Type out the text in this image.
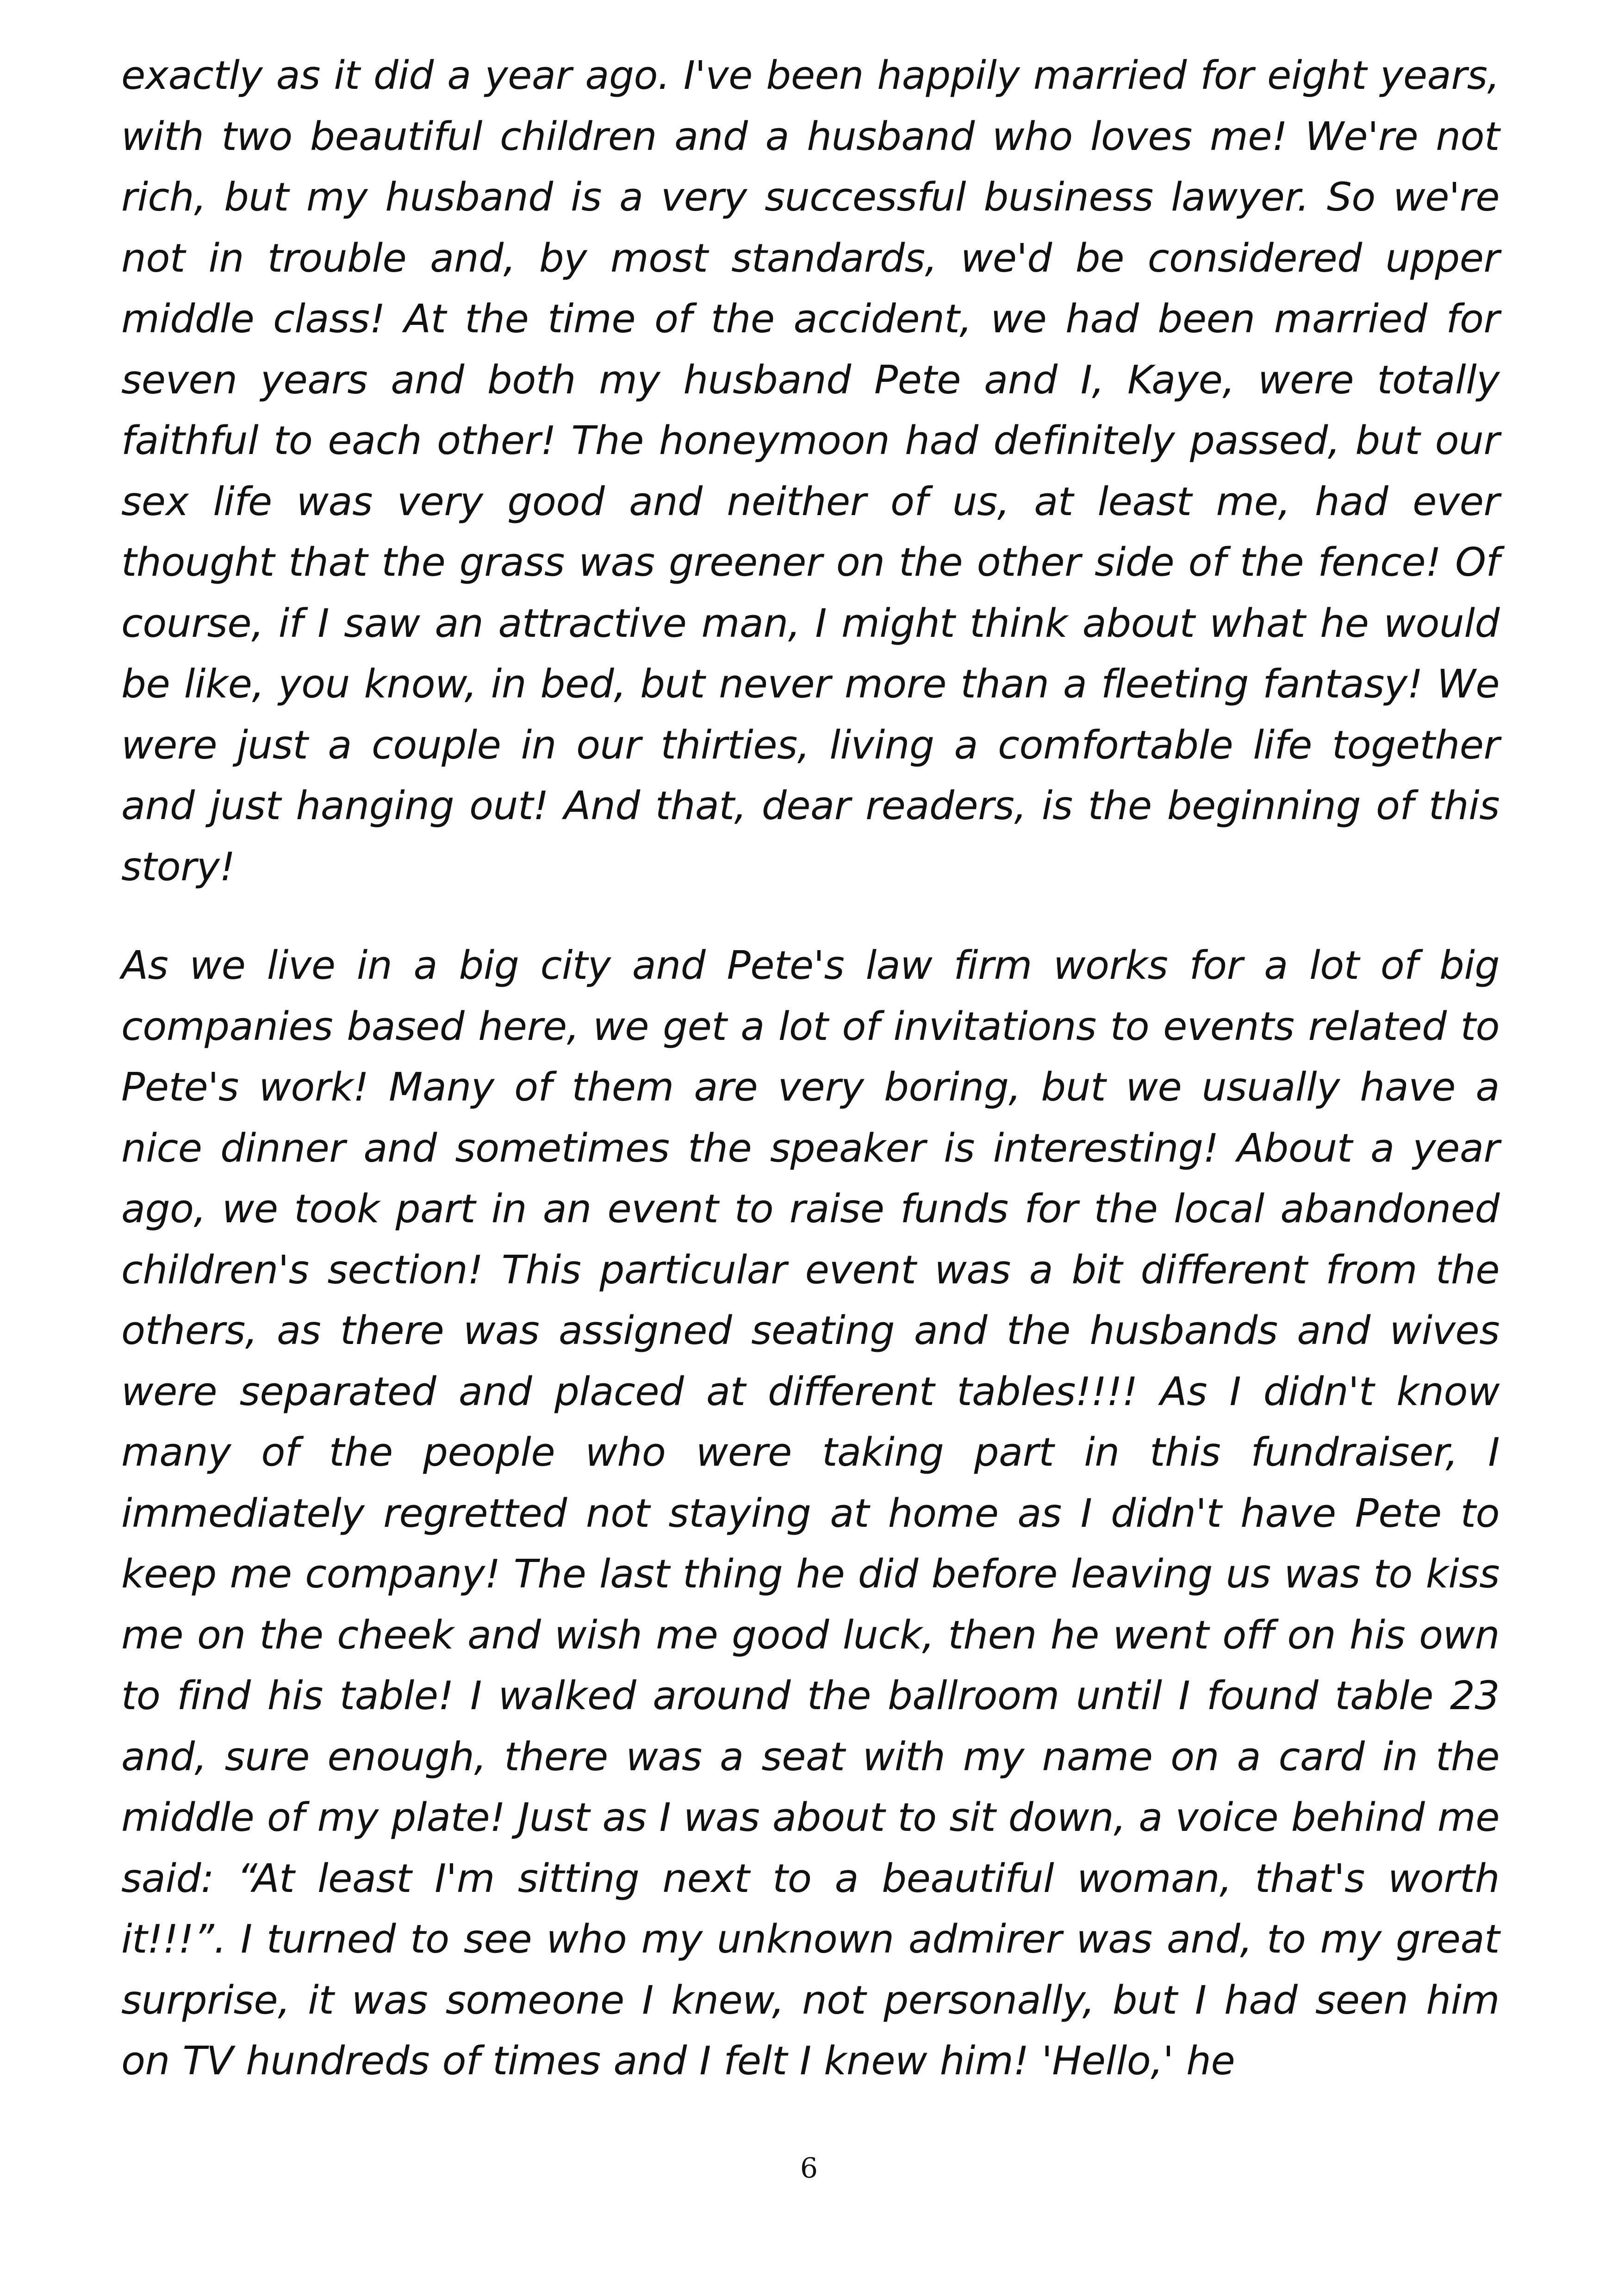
exactly as it did a year ago. I've been happily married for eight years, with two beautiful children and a husband who loves me! We're not rich, but my husband is a very successful business lawyer. So we're not in trouble and, by most standards, we'd be considered upper middle class! At the time of the accident, we had been married for seven years and both my husband Pete and I, Kaye, were totally faithful to each other! The honeymoon had definitely passed, but our sex life was very good and neither of us, at least me, had ever thought that the grass was greener on the other side of the fence! Of course, if I saw an attractive man, I might think about what he would be like, you know, in bed, but never more than a fleeting fantasy! We were just a couple in our thirties, living a comfortable life together and just hanging out! And that, dear readers, is the beginning of this story!

As we live in a big city and Pete's law firm works for a lot of big companies based here, we get a lot of invitations to events related to Pete's work! Many of them are very boring, but we usually have a nice dinner and sometimes the speaker is interesting! About a year ago, we took part in an event to raise funds for the local abandoned children's section! This particular event was a bit different from the others, as there was assigned seating and the husbands and wives were separated and placed at different tables!!!! As I didn't know many of the people who were taking part in this fundraiser, I immediately regretted not staying at home as I didn't have Pete to keep me company! The last thing he did before leaving us was to kiss me on the cheek and wish me good luck, then he went off on his own to find his table! I walked around the ballroom until I found table 23 and, sure enough, there was a seat with my name on a card in the middle of my plate! Just as I was about to sit down, a voice behind me said: “At least I'm sitting next to a beautiful woman, that's worth it!!!”. I turned to see who my unknown admirer was and, to my great surprise, it was someone I knew, not personally, but I had seen him on TV hundreds of times and I felt I knew him! 'Hello,' he

6
